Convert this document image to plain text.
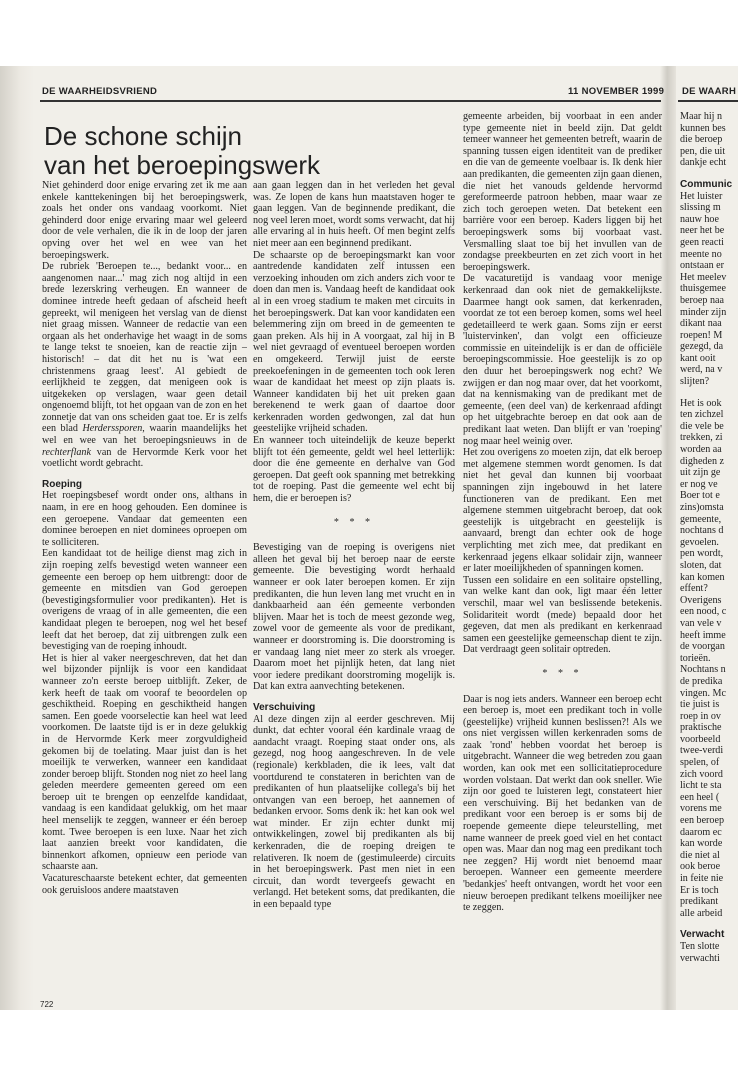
DE WAARHEIDSVRIEND	11 NOVEMBER 1999 DE WAARH
De schone schijn
van het beroepingswerk

Niet gehinderd door enige ervaring zet ik me aan enkele kanttekeningen bij het beroepingswerk, zoals het onder ons vandaag voorkomt. Niet gehinderd door enige ervaring maar wel geleerd door de vele verhalen, die ik in de loop der jaren opving over het wel en wee van het beroepingswerk.

De rubriek 'Beroepen te..., bedankt voor... en aangenomen naar...' mag zich nog altijd in een brede lezerskring verheugen. En wanneer de dominee intrede heeft gedaan of afscheid heeft gepreekt, wil menigeen het verslag van de dienst niet graag missen. Wanneer de redactie van een orgaan als het onderhavige het waagt in de soms te lange tekst te snoeien, kan de reactie zijn – historisch! – dat dit het nu is 'wat een christenmens graag leest'. Al gebiedt de eerlijkheid te zeggen, dat menigeen ook is uitgekeken op verslagen, waar geen detail ongenoemd blijft, tot het opgaan van de zon en het zonnetje dat van ons scheiden gaat toe. Er is zelfs een blad Herderssporen, waarin maandelijks het wel en wee van het beroepingsnieuws in de rechterflank van de Hervormde Kerk voor het voetlicht wordt gebracht.

Roeping

Het roepingsbesef wordt onder ons, althans in naam, in ere en hoog gehouden. Een dominee is een geroepene. Vandaar dat gemeenten een dominee beroepen en niet dominees oproepen om te solliciteren.

Een kandidaat tot de heilige dienst mag zich in zijn roeping zelfs bevestigd weten wanneer een gemeente een beroep op hem uitbrengt: door de gemeente en mitsdien van God geroepen (bevestigingsformulier voor predikanten). Het is overigens de vraag of in alle gemeenten, die een kandidaat plegen te beroepen, nog wel het besef leeft dat het beroep, dat zij uitbrengen zulk een bevestiging van de roeping inhoudt.

Het is hier al vaker neergeschreven, dat het dan wel bijzonder pijnlijk is voor een kandidaat wanneer zo'n eerste beroep uitblijft. Zeker, de kerk heeft de taak om vooraf te beoordelen op geschiktheid. Roeping en geschiktheid hangen samen. Een goede voorselectie kan heel wat leed voorkomen. De laatste tijd is er in deze gelukkig in de Hervormde Kerk meer zorgvuldigheid gekomen bij de toelating. Maar juist dan is het moeilijk te verwerken, wanneer een kandidaat zonder beroep blijft. Stonden nog niet zo heel lang geleden meerdere gemeenten gereed om een beroep uit te brengen op eenzelfde kandidaat, vandaag is een kandidaat gelukkig, om het maar heel menselijk te zeggen, wanneer er één beroep komt. Twee beroepen is een luxe. Naar het zich laat aanzien breekt voor kandidaten, die binnenkort afkomen, opnieuw een periode van schaarste aan.

Vacatureschaarste betekent echter, dat gemeenten ook geruisloos andere maatstaven

aan gaan leggen dan in het verleden het geval was. Ze lopen de kans hun maatstaven hoger te gaan leggen. Van de beginnende predikant, die nog veel leren moet, wordt soms verwacht, dat hij alle ervaring al in huis heeft. Of men begint zelfs niet meer aan een beginnend predikant.

De schaarste op de beroepingsmarkt kan voor aantredende kandidaten zelf intussen een verzoeking inhouden om zich anders zich voor te doen dan men is. Vandaag heeft de kandidaat ook al in een vroeg stadium te maken met circuits in het beroepingswerk. Dat kan voor kandidaten een belemmering zijn om breed in de gemeenten te gaan preken. Als hij in A voorgaat, zal hij in B wel niet gevraagd of eventueel beroepen worden en omgekeerd. Terwijl juist de eerste preekoefeningen in de gemeenten toch ook leren waar de kandidaat het meest op zijn plaats is. Wanneer kandidaten bij het uit preken gaan berekenend te werk gaan of daartoe door kerkenraden worden gedwongen, zal dat hun geestelijke vrijheid schaden.

En wanneer toch uiteindelijk de keuze beperkt blijft tot één gemeente, geldt wel heel letterlijk: door die éne gemeente en derhalve van God geroepen. Dat geeft ook spanning met betrekking tot de roeping. Past die gemeente wel echt bij hem, die er beroepen is?

* * *

Bevestiging van de roeping is overigens niet alleen het geval bij het beroep naar de eerste gemeente. Die bevestiging wordt herhaald wanneer er ook later beroepen komen. Er zijn predikanten, die hun leven lang met vrucht en in dankbaarheid aan één gemeente verbonden blijven. Maar het is toch de meest gezonde weg, zowel voor de gemeente als voor de predikant, wanneer er doorstroming is. Die doorstroming is er vandaag lang niet meer zo sterk als vroeger. Daarom moet het pijnlijk heten, dat lang niet voor iedere predikant doorstroming mogelijk is. Dat kan extra aanvechting betekenen.

Verschuiving

Al deze dingen zijn al eerder geschreven. Mij dunkt, dat echter vooral één kardinale vraag de aandacht vraagt. Roeping staat onder ons, als gezegd, nog hoog aangeschreven. In de vele (regionale) kerkbladen, die ik lees, valt dat voortdurend te constateren in berichten van de predikanten of hun plaatselijke collega's bij het ontvangen van een beroep, het aannemen of bedanken ervoor. Soms denk ik: het kan ook wel wat minder. Er zijn echter dunkt mij ontwikkelingen, zowel bij predikanten als bij kerkenraden, die de roeping dreigen te relativeren. Ik noem de (gestimuleerde) circuits in het beroepingswerk. Past men niet in een circuit, dan wordt tevergeefs gewacht en verlangd. Het betekent soms, dat predikanten, die in een bepaald type

gemeente arbeiden, bij voorbaat in een ander type gemeente niet in beeld zijn. Dat geldt temeer wanneer het gemeenten betreft, waarin de spanning tussen eigen identiteit van de prediker en die van de gemeente voelbaar is. Ik denk hier aan predikanten, die gemeenten zijn gaan dienen, die niet het vanouds geldende hervormd gereformeerde patroon hebben, maar waar ze zich toch geroepen weten. Dat betekent een barrière voor een beroep. Kaders liggen bij het beroepingswerk soms bij voorbaat vast. Versmalling slaat toe bij het invullen van de zondagse preekbeurten en zet zich voort in het beroepingswerk.

De vacaturetijd is vandaag voor menige kerkenraad dan ook niet de gemakkelijkste. Daarmee hangt ook samen, dat kerkenraden, voordat ze tot een beroep komen, soms wel heel gedetailleerd te werk gaan. Soms zijn er eerst 'luistervinken', dan volgt een officieuze commissie en uiteindelijk is er dan de officiële beroepingscommissie. Hoe geestelijk is zo op den duur het beroepingswerk nog echt? We zwijgen er dan nog maar over, dat het voorkomt, dat na kennismaking van de predikant met de gemeente, (een deel van) de kerkenraad afdingt op het uitgebrachte beroep en dat ook aan de predikant laat weten. Dan blijft er van 'roeping' nog maar heel weinig over.

Het zou overigens zo moeten zijn, dat elk beroep met algemene stemmen wordt genomen. Is dat niet het geval dan kunnen bij voorbaat spanningen zijn ingebouwd in het latere functioneren van de predikant. Een met algemene stemmen uitgebracht beroep, dat ook geestelijk is uitgebracht en geestelijk is aanvaard, brengt dan echter ook de hoge verplichting met zich mee, dat predikant en kerkenraad jegens elkaar solidair zijn, wanneer er later moeilijkheden of spanningen komen.

Tussen een solidaire en een solitaire opstelling, van welke kant dan ook, ligt maar één letter verschil, maar wel van beslissende betekenis. Solidariteit wordt (mede) bepaald door het gegeven, dat men als predikant en kerkenraad samen een geestelijke gemeenschap dient te zijn. Dat verdraagt geen solitair optreden.

* * *

Daar is nog iets anders. Wanneer een beroep echt een beroep is, moet een predikant toch in volle (geestelijke) vrijheid kunnen beslissen?! Als we ons niet vergissen willen kerkenraden soms de zaak 'rond' hebben voordat het beroep is uitgebracht. Wanneer die weg betreden zou gaan worden, kan ook met een sollicitatieprocedure worden volstaan. Dat werkt dan ook sneller. Wie zijn oor goed te luisteren legt, constateert hier een verschuiving. Bij het bedanken van de predikant voor een beroep is er soms bij de roepende gemeente diepe teleurstelling, met name wanneer de preek goed viel en het contact open was. Maar dan nog mag een predikant toch nee zeggen? Hij wordt niet benoemd maar beroepen. Wanneer een gemeente meerdere 'bedankjes' heeft ontvangen, wordt het voor een nieuw beroepen predikant telkens moeilijker nee te zeggen.

Maar hij n
kunnen bes
die beroep
pen, die uit
dankje echt
Communic
Het luister
slissing m
nauw hoe
neer het be
geen reacti
meente no
ontstaan er
Het meelev
thuisgemee
beroep naa
minder zijn
dikant naa
roepen! M
gezegd, da
kant ooit
werd, na v
slijten?
Het is ook
ten zichzel
die vele be
trekken, zi
worden aa
digheden z
uit zijn ge
er nog ve
Boer tot e
zins)omsta
gemeente,
nochtans d
gevoelen.
pen wordt,
sloten, dat
kan komen
effent?
Overigens
een nood, c
van vele v
heeft imme
de voorgan
torieën.
Nochtans n
de predika
vingen. Mc
tie juist is
roep in ov
praktische
voorbeeld
twee-verdi
spelen, of
zich voord
licht te sta
een heel (
vorens me
een beroep
daarom ec
kan worde
die niet al
ook beroe
in feite nie
Er is toch
predikant
alle arbeid
Verwacht
Ten slotte
verwachti
722
